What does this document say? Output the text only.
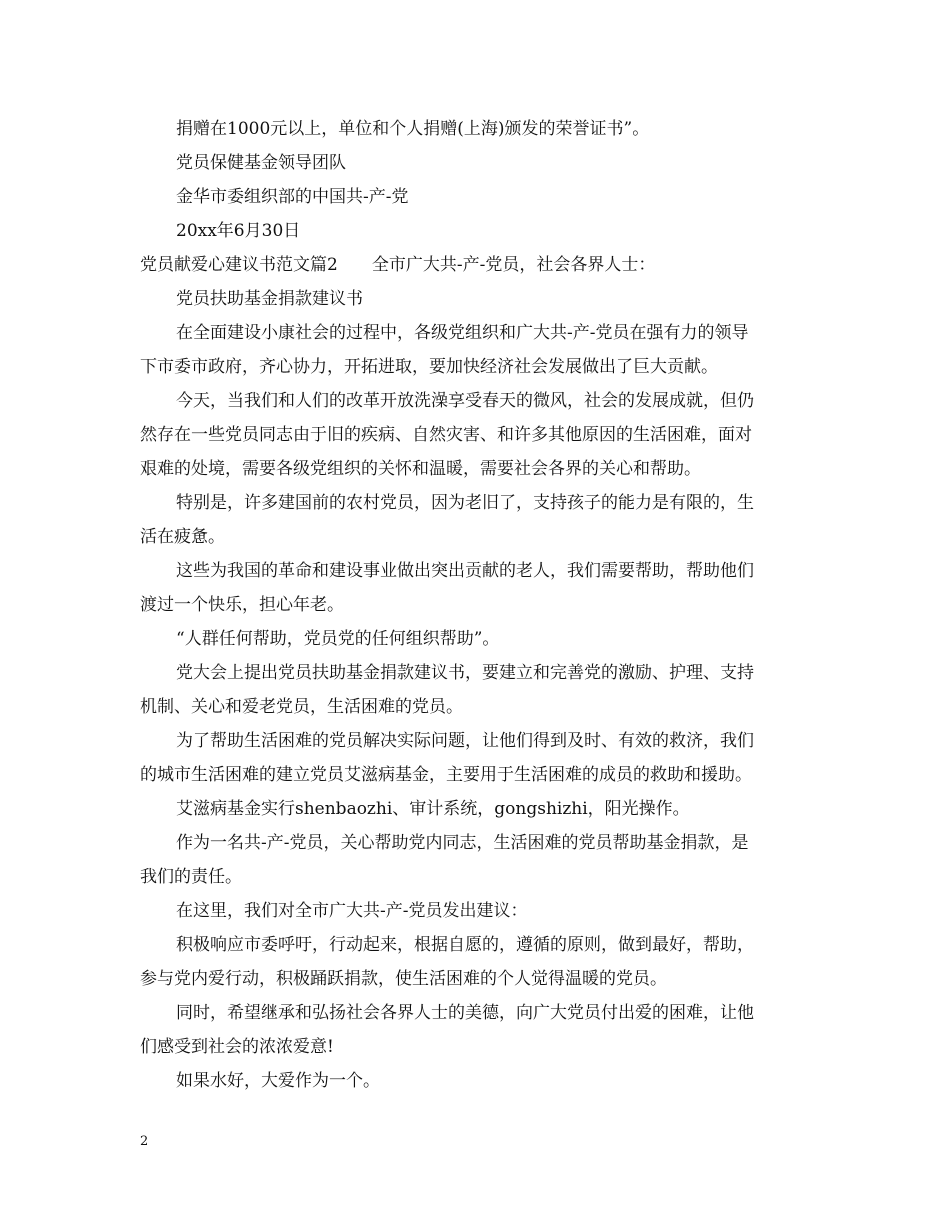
捐赠在1000元以上，单位和个人捐赠(上海)颁发的荣誉证书”。
党员保健基金领导团队
金华市委组织部的中国共-产-党
20xx年6月30日
党员献爱心建议书范文篇2 全市广大共-产-党员，社会各界人士：
党员扶助基金捐款建议书
在全面建设小康社会的过程中，各级党组织和广大共-产-党员在强有力的领导
下市委市政府，齐心协力，开拓进取，要加快经济社会发展做出了巨大贡献。
今天，当我们和人们的改革开放洗澡享受春天的微风，社会的发展成就，但仍
然存在一些党员同志由于旧的疾病、自然灾害、和许多其他原因的生活困难，面对
艰难的处境，需要各级党组织的关怀和温暖，需要社会各界的关心和帮助。
特别是，许多建国前的农村党员，因为老旧了，支持孩子的能力是有限的，生
活在疲惫。
这些为我国的革命和建设事业做出突出贡献的老人，我们需要帮助，帮助他们
渡过一个快乐，担心年老。
“人群任何帮助，党员党的任何组织帮助”。
党大会上提出党员扶助基金捐款建议书，要建立和完善党的激励、护理、支持
机制、关心和爱老党员，生活困难的党员。
为了帮助生活困难的党员解决实际问题，让他们得到及时、有效的救济，我们
的城市生活困难的建立党员艾滋病基金，主要用于生活困难的成员的救助和援助。
艾滋病基金实行shenbaozhi、审计系统，gongshizhi，阳光操作。
作为一名共-产-党员，关心帮助党内同志，生活困难的党员帮助基金捐款，是
我们的责任。
在这里，我们对全市广大共-产-党员发出建议：
积极响应市委呼吁，行动起来，根据自愿的，遵循的原则，做到最好，帮助，
参与党内爱行动，积极踊跃捐款，使生活困难的个人觉得温暖的党员。
同时，希望继承和弘扬社会各界人士的美德，向广大党员付出爱的困难，让他
们感受到社会的浓浓爱意!
如果水好，大爱作为一个。
2
